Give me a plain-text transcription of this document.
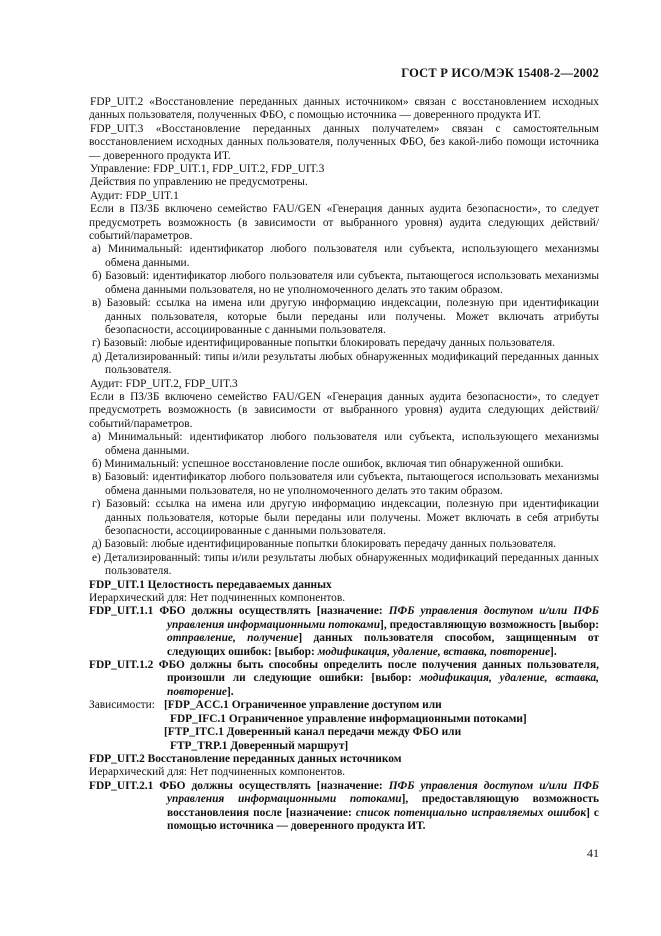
ГОСТ Р ИСО/МЭК 15408-2—2002

FDP_UIT.2 «Восстановление переданных данных источником» связан с восстановлением исходных данных пользователя, полученных ФБО, с помощью источника — доверенного продукта ИТ.

FDP_UIT.3 «Восстановление переданных данных получателем» связан с самостоятельным восстановлением исходных данных пользователя, полученных ФБО, без какой-либо помощи источника — доверенного продукта ИТ.

Управление: FDP_UIT.1, FDP_UIT.2, FDP_UIT.3

Действия по управлению не предусмотрены.

Аудит: FDP_UIT.1

Если в ПЗ/ЗБ включено семейство FAU/GEN «Генерация данных аудита безопасности», то следует предусмотреть возможность (в зависимости от выбранного уровня) аудита следующих действий/событий/параметров.

а) Минимальный: идентификатор любого пользователя или субъекта, использующего механизмы обмена данными.

б) Базовый: идентификатор любого пользователя или субъекта, пытающегося использовать механизмы обмена данными пользователя, но не уполномоченного делать это таким образом.

в) Базовый: ссылка на имена или другую информацию индексации, полезную при идентификации данных пользователя, которые были переданы или получены. Может включать атрибуты безопасности, ассоциированные с данными пользователя.

г) Базовый: любые идентифицированные попытки блокировать передачу данных пользователя.

д) Детализированный: типы и/или результаты любых обнаруженных модификаций переданных данных пользователя.

Аудит: FDP_UIT.2, FDP_UIT.3

Если в ПЗ/ЗБ включено семейство FAU/GEN «Генерация данных аудита безопасности», то следует предусмотреть возможность (в зависимости от выбранного уровня) аудита следующих действий/событий/параметров.

а) Минимальный: идентификатор любого пользователя или субъекта, использующего механизмы обмена данными.

б) Минимальный: успешное восстановление после ошибок, включая тип обнаруженной ошибки.

в) Базовый: идентификатор любого пользователя или субъекта, пытающегося использовать механизмы обмена данными пользователя, но не уполномоченного делать это таким образом.

г) Базовый: ссылка на имена или другую информацию индексации, полезную при идентификации данных пользователя, которые были переданы или получены. Может включать в себя атрибуты безопасности, ассоциированные с данными пользователя.

д) Базовый: любые идентифицированные попытки блокировать передачу данных пользователя.

е) Детализированный: типы и/или результаты любых обнаруженных модификаций переданных данных пользователя.

FDP_UIT.1 Целостность передаваемых данных

Иерархический для: Нет подчиненных компонентов.

FDP_UIT.1.1 ФБО должны осуществлять [назначение: ПФБ управления доступом и/или ПФБ управления информационными потоками], предоставляющую возможность [выбор: отправление, получение] данных пользователя способом, защищенным от следующих ошибок: [выбор: модификация, удаление, вставка, повторение].

FDP_UIT.1.2 ФБО должны быть способны определить после получения данных пользователя, произошли ли следующие ошибки: [выбор: модификация, удаление, вставка, повторение].

Зависимости: [FDP_ACC.1 Ограниченное управление доступом или
FDP_IFC.1 Ограниченное управление информационными потоками]
[FTP_ITC.1 Доверенный канал передачи между ФБО или
FTP_TRP.1 Доверенный маршрут]

FDP_UIT.2 Восстановление переданных данных источником

Иерархический для: Нет подчиненных компонентов.

FDP_UIT.2.1 ФБО должны осуществлять [назначение: ПФБ управления доступом и/или ПФБ управления информационными потоками], предоставляющую возможность восстановления после [назначение: список потенциально исправляемых ошибок] с помощью источника — доверенного продукта ИТ.

41
